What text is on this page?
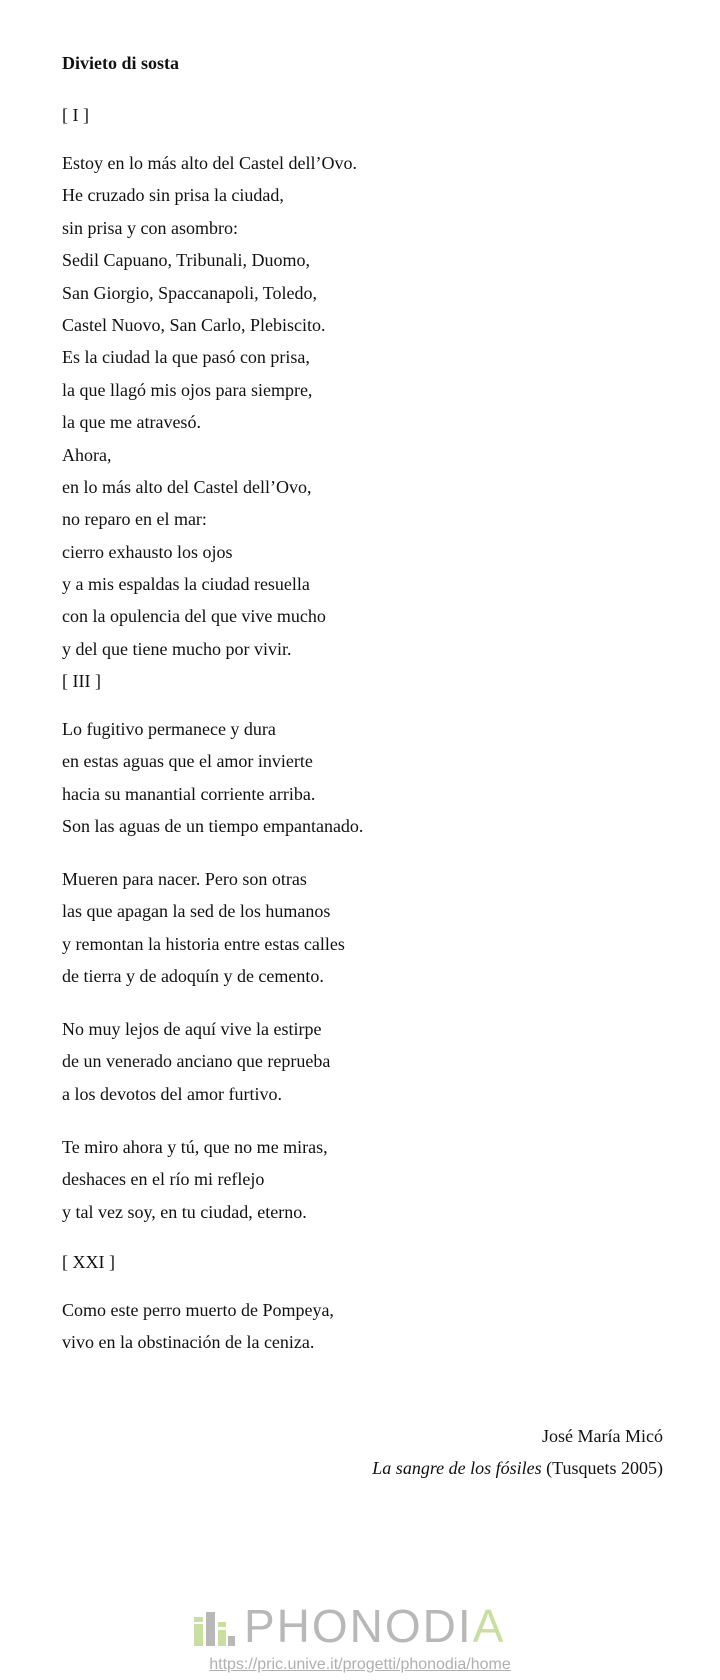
Divieto di sosta
[ I ]
Estoy en lo más alto del Castel dell’Ovo.
He cruzado sin prisa la ciudad,
sin prisa y con asombro:
Sedil Capuano, Tribunali, Duomo,
San Giorgio, Spaccanapoli, Toledo,
Castel Nuovo, San Carlo, Plebiscito.
Es la ciudad la que pasó con prisa,
la que llagó mis ojos para siempre,
la que me atravesó.
Ahora,
en lo más alto del Castel dell’Ovo,
no reparo en el mar:
cierro exhausto los ojos
y a mis espaldas la ciudad resuella
con la opulencia del que vive mucho
y del que tiene mucho por vivir.
[ III ]
Lo fugitivo permanece y dura
en estas aguas que el amor invierte
hacia su manantial corriente arriba.
Son las aguas de un tiempo empantanado.
Mueren para nacer. Pero son otras
las que apagan la sed de los humanos
y remontan la historia entre estas calles
de tierra y de adoquín y de cemento.
No muy lejos de aquí vive la estirpe
de un venerado anciano que reprueba
a los devotos del amor furtivo.
Te miro ahora y tú, que no me miras,
deshaces en el río mi reflejo
y tal vez soy, en tu ciudad, eterno.
[ XXI ]
Como este perro muerto de Pompeya,
vivo en la obstinación de la ceniza.
José María Micó
La sangre de los fósiles (Tusquets 2005)
PHONODIA
https://pric.unive.it/progetti/phonodia/home
